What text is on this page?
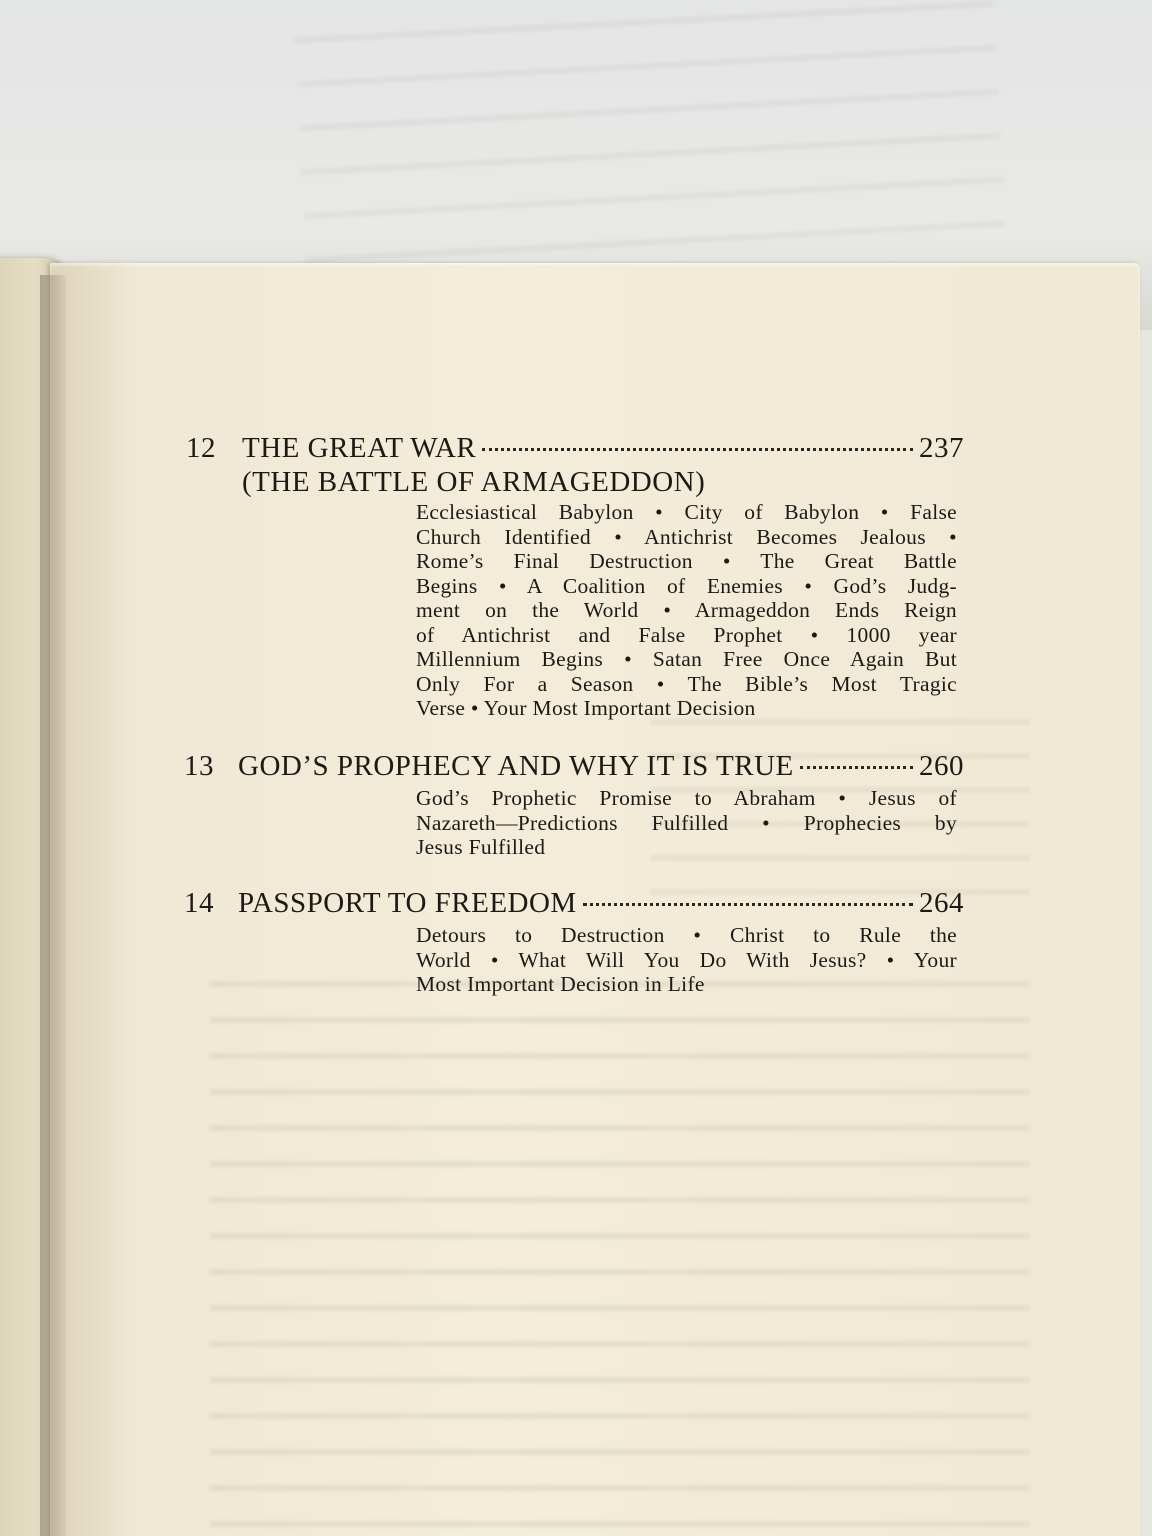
12 THE GREAT WAR	237
(THE BATTLE OF ARMAGEDDON)
Ecclesiastical Babylon • City of Babylon • False
Church Identified • Antichrist Becomes Jealous •
Rome’s Final Destruction • The Great Battle
Begins • A Coalition of Enemies • God’s Judg-
ment on the World • Armageddon Ends Reign
of Antichrist and False Prophet • 1000 year
Millennium Begins • Satan Free Once Again But
Only For a Season • The Bible’s Most Tragic
Verse • Your Most Important Decision
13 GOD’S PROPHECY AND WHY IT IS TRUE	260
God’s Prophetic Promise to Abraham • Jesus of
Nazareth—Predictions Fulfilled • Prophecies by
Jesus Fulfilled
14 PASSPORT TO FREEDOM	264
Detours to Destruction • Christ to Rule the
World • What Will You Do With Jesus? • Your
Most Important Decision in Life
